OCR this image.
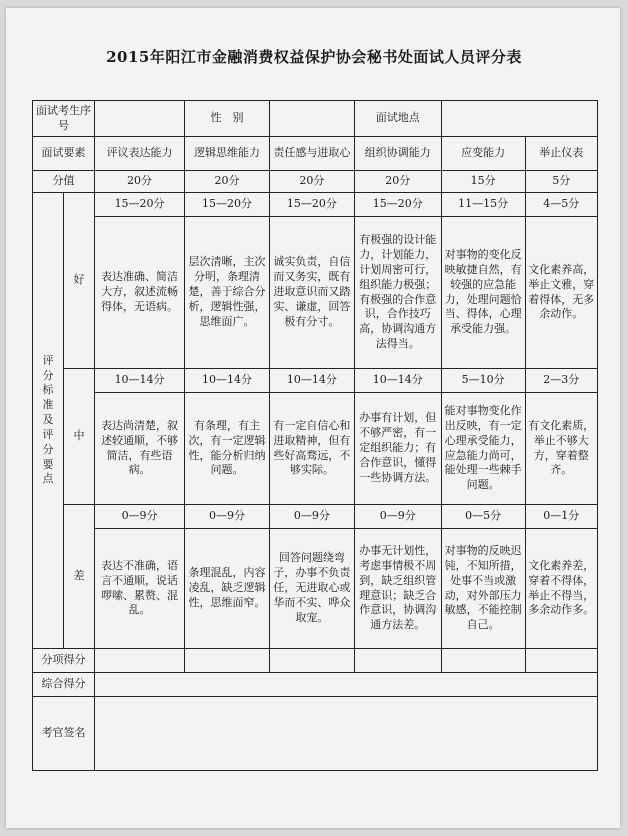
2015年阳江市金融消费权益保护协会秘书处面试人员评分表
面试考生序号			性　别		面试地点		
面试要素		评议表达能力	逻辑思维能力	责任感与进取心	组织协调能力	应变能力	举止仪表
分值		20分	20分	20分	20分	15分	5分
评分标准及评分要点	好	15—20分	15—20分	15—20分	15—20分	11—15分	4—5分
		表达准确、简洁大方，叙述流畅得体，无语病。	层次清晰，主次分明，条理清楚，善于综合分析，逻辑性强，思维面广。	诚实负责，自信而又务实，既有进取意识而又踏实、谦虚，回答极有分寸。	有极强的设计能力，计划能力，计划周密可行，组织能力极强；有极强的合作意识，合作技巧高，协调沟通方法得当。	对事物的变化反映敏捷自然，有较强的应急能力，处理问题恰当、得体，心理承受能力强。	文化素养高，举止文雅，穿着得体，无多余动作。
	中	10—14分	10—14分	10—14分	10—14分	5—10分	2—3分
		表达尚清楚，叙述较通顺，不够简洁，有些语病。	有条理，有主次，有一定逻辑性，能分析归纳问题。	有一定自信心和进取精神，但有些好高骛远，不够实际。	办事有计划，但不够严密，有一定组织能力；有合作意识，懂得一些协调方法。	能对事物变化作出反映，有一定心理承受能力，应急能力尚可，能处理一些棘手问题。	有文化素质，举止不够大方，穿着整齐。
	差	0—9分	0—9分	0—9分	0—9分	0—5分	0—1分
		表达不准确，语言不通顺，说话啰嗦、累赘、混乱。	条理混乱，内容凌乱，缺乏逻辑性，思维面窄。	回答问题绕弯子，办事不负责任，无进取心或华而不实、哗众取宠。	办事无计划性，考虑事情极不周到，缺乏组织管理意识；缺乏合作意识，协调沟通方法差。	对事物的反映迟钝，不知所措，处事不当或激动，对外部压力敏感，不能控制自己。	文化素养差，穿着不得体，举止不得当，多余动作多。
分项得分							
综合得分							
考官签名							
